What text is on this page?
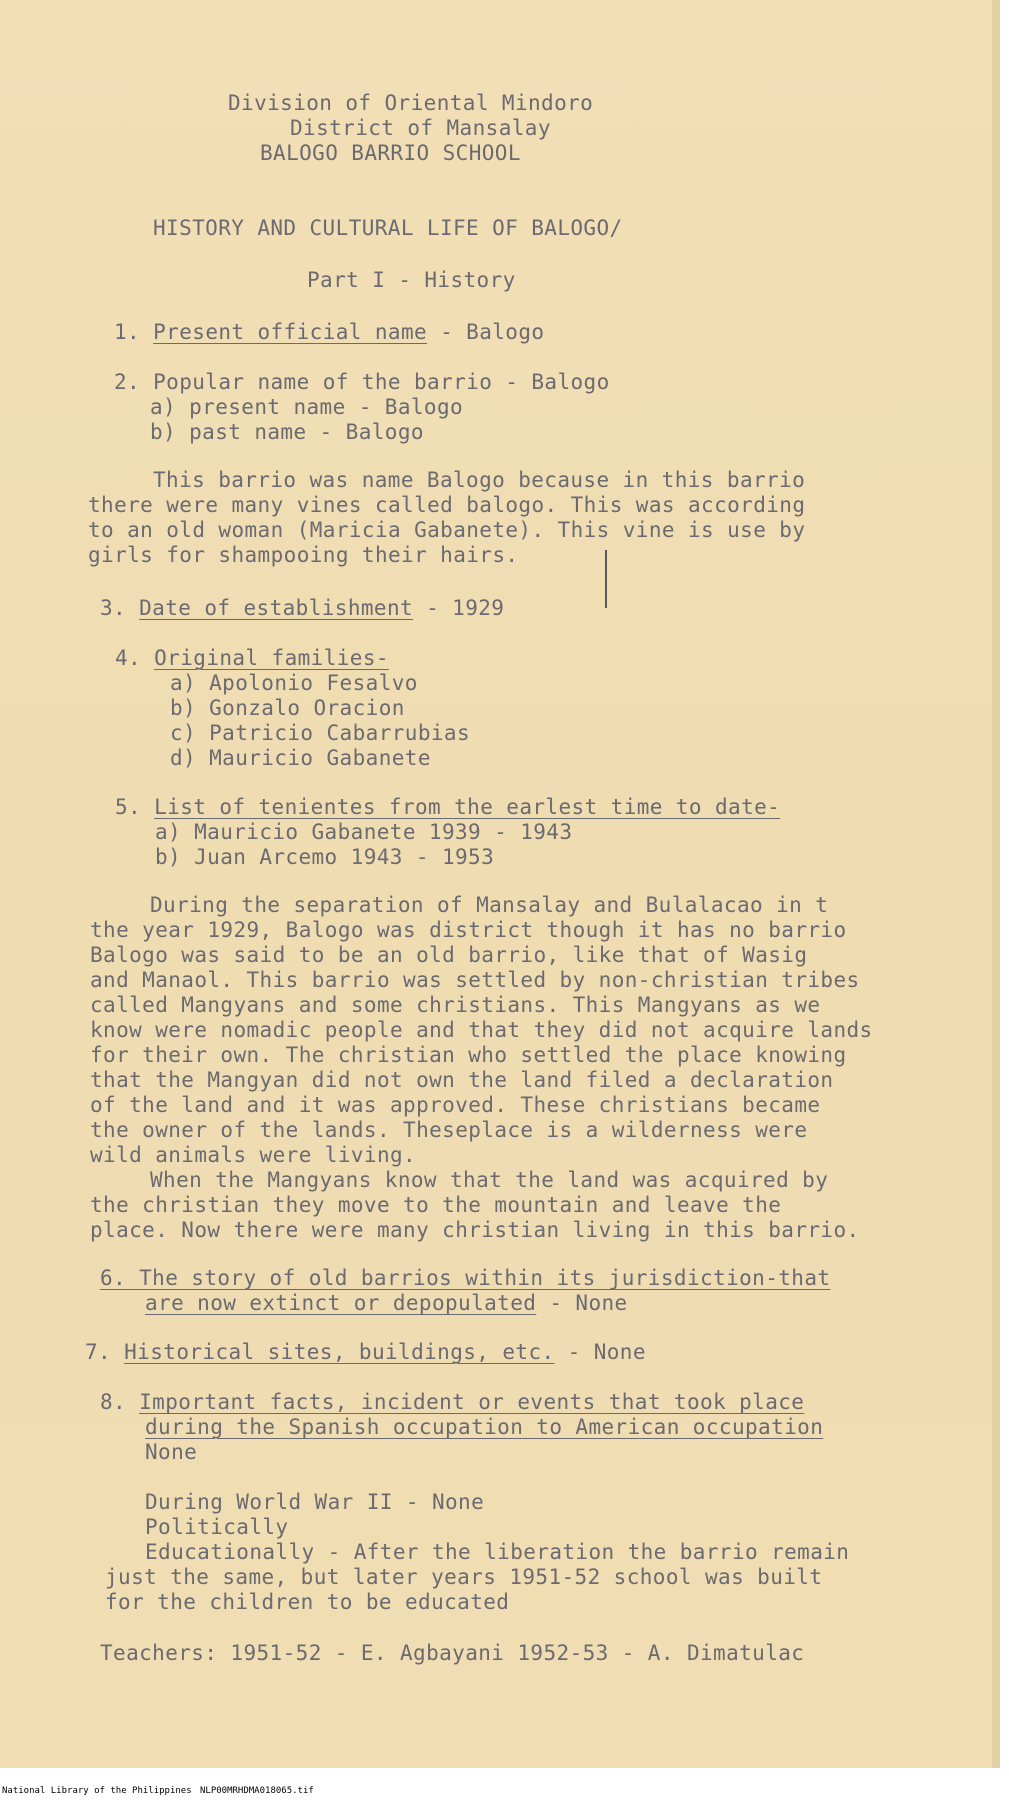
Division of Oriental Mindoro
District of Mansalay
BALOGO BARRIO SCHOOL
HISTORY AND CULTURAL LIFE OF BALOGO/
Part I - History
1. Present official name - Balogo
2. Popular name of the barrio - Balogo
a) present name - Balogo
b) past name - Balogo
This barrio was name Balogo because in this barrio
there were many vines called balogo. This was according
to an old woman (Maricia Gabanete). This vine is use by
girls for shampooing their hairs.
3. Date of establishment - 1929
4. Original families-
a) Apolonio Fesalvo
b) Gonzalo Oracion
c) Patricio Cabarrubias
d) Mauricio Gabanete
5. List of tenientes from the earlest time to date-
a) Mauricio Gabanete 1939 - 1943
b) Juan Arcemo 1943 - 1953
During the separation of Mansalay and Bulalacao in t
the year 1929, Balogo was district though it has no barrio
Balogo was said to be an old barrio, like that of Wasig
and Manaol. This barrio was settled by non-christian tribes
called Mangyans and some christians. This Mangyans as we
know were nomadic people and that they did not acquire lands
for their own. The christian who settled the place knowing
that the Mangyan did not own the land filed a declaration
of the land and it was approved. These christians became
the owner of the lands. Theseplace is a wilderness were
wild animals were living.
When the Mangyans know that the land was acquired by
the christian they move to the mountain and leave the
place. Now there were many christian living in this barrio.
6. The story of old barrios within its jurisdiction-that
are now extinct or depopulated - None
7. Historical sites, buildings, etc. - None
8. Important facts, incident or events that took place
during the Spanish occupation to American occupation
None
During World War II - None
Politically
Educationally - After the liberation the barrio remain
just the same, but later years 1951-52 school was built
for the children to be educated
Teachers: 1951-52 - E. Agbayani 1952-53 - A. Dimatulac
National Library of the Philippines NLP00MRHDMA018065.tif
